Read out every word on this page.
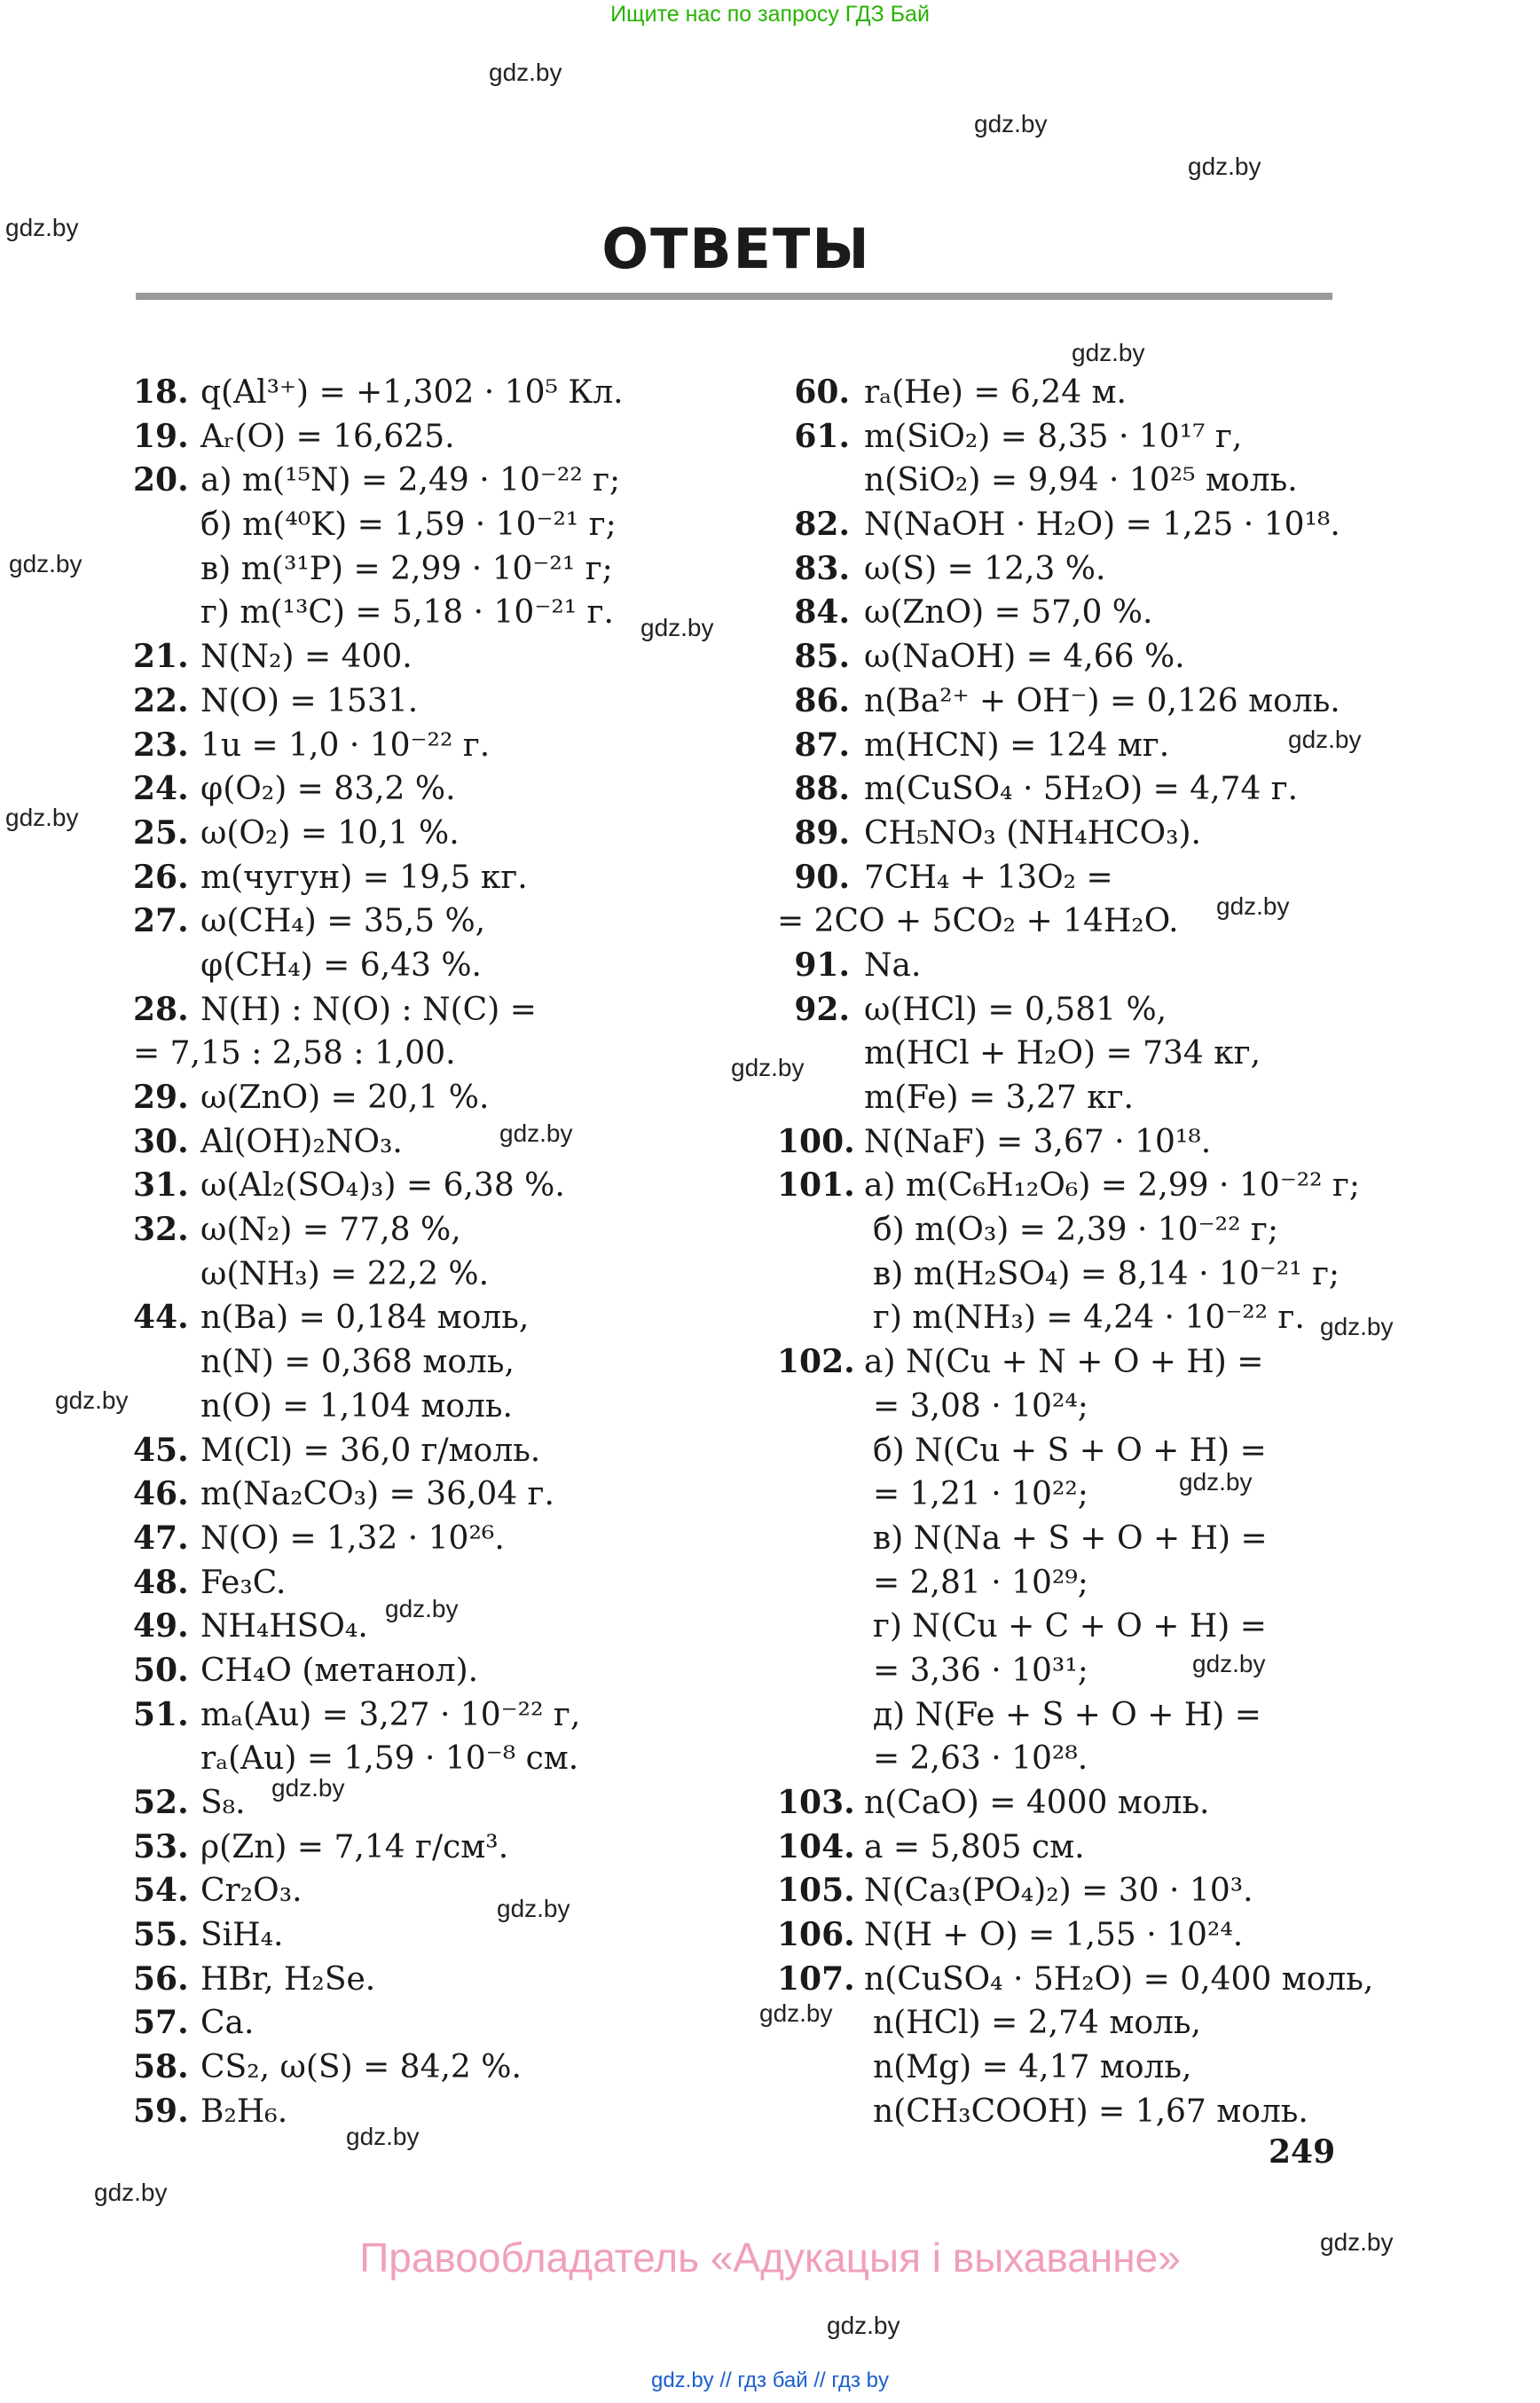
Ищите нас по запросу ГДЗ Бай
gdz.by
gdz.by
gdz.by
gdz.by
gdz.by
gdz.by
gdz.by
gdz.by
gdz.by
gdz.by
gdz.by
gdz.by
gdz.by
gdz.by
gdz.by
gdz.by
gdz.by
gdz.by
gdz.by
gdz.by
gdz.by
gdz.by
gdz.by
gdz.by
ОТВЕТЫ
18. q(Al³⁺) = +1,302 · 10⁵ Кл.
19. Aᵣ(O) = 16,625.
20. а) m(¹⁵N) = 2,49 · 10⁻²² г;
б) m(⁴⁰K) = 1,59 · 10⁻²¹ г;
в) m(³¹P) = 2,99 · 10⁻²¹ г;
г) m(¹³C) = 5,18 · 10⁻²¹ г.
21. N(N₂) = 400.
22. N(O) = 1531.
23. 1u = 1,0 · 10⁻²² г.
24. φ(O₂) = 83,2 %.
25. ω(O₂) = 10,1 %.
26. m(чугун) = 19,5 кг.
27. ω(CH₄) = 35,5 %,
φ(CH₄) = 6,43 %.
28. N(H) : N(O) : N(C) =
= 7,15 : 2,58 : 1,00.
29. ω(ZnO) = 20,1 %.
30. Al(OH)₂NO₃.
31. ω(Al₂(SO₄)₃) = 6,38 %.
32. ω(N₂) = 77,8 %,
ω(NH₃) = 22,2 %.
44. n(Ba) = 0,184 моль,
n(N) = 0,368 моль,
n(O) = 1,104 моль.
45. M(Cl) = 36,0 г/моль.
46. m(Na₂CO₃) = 36,04 г.
47. N(O) = 1,32 · 10²⁶.
48. Fe₃C.
49. NH₄HSO₄.
50. CH₄O (метанол).
51. mₐ(Au) = 3,27 · 10⁻²² г,
rₐ(Au) = 1,59 · 10⁻⁸ см.
52. S₈.
53. ρ(Zn) = 7,14 г/см³.
54. Cr₂O₃.
55. SiH₄.
56. HBr, H₂Se.
57. Ca.
58. CS₂, ω(S) = 84,2 %.
59. B₂H₆.
60. rₐ(He) = 6,24 м.
61. m(SiO₂) = 8,35 · 10¹⁷ г,
n(SiO₂) = 9,94 · 10²⁵ моль.
82. N(NaOH · H₂O) = 1,25 · 10¹⁸.
83. ω(S) = 12,3 %.
84. ω(ZnO) = 57,0 %.
85. ω(NaOH) = 4,66 %.
86. n(Ba²⁺ + OH⁻) = 0,126 моль.
87. m(HCN) = 124 мг.
88. m(CuSO₄ · 5H₂O) = 4,74 г.
89. CH₅NO₃ (NH₄HCO₃).
90. 7CH₄ + 13O₂ =
= 2CO + 5CO₂ + 14H₂O.
91. Na.
92. ω(HCl) = 0,581 %,
m(HCl + H₂O) = 734 кг,
m(Fe) = 3,27 кг.
100. N(NaF) = 3,67 · 10¹⁸.
101. а) m(C₆H₁₂O₆) = 2,99 · 10⁻²² г;
б) m(O₃) = 2,39 · 10⁻²² г;
в) m(H₂SO₄) = 8,14 · 10⁻²¹ г;
г) m(NH₃) = 4,24 · 10⁻²² г.
102. а) N(Cu + N + O + H) =
= 3,08 · 10²⁴;
б) N(Cu + S + O + H) =
= 1,21 · 10²²;
в) N(Na + S + O + H) =
= 2,81 · 10²⁹;
г) N(Cu + C + O + H) =
= 3,36 · 10³¹;
д) N(Fe + S + O + H) =
= 2,63 · 10²⁸.
103. n(CaO) = 4000 моль.
104. a = 5,805 см.
105. N(Ca₃(PO₄)₂) = 30 · 10³.
106. N(H + O) = 1,55 · 10²⁴.
107. n(CuSO₄ · 5H₂O) = 0,400 моль,
n(HCl) = 2,74 моль,
n(Mg) = 4,17 моль,
n(CH₃COOH) = 1,67 моль.
249
Правообладатель «Адукацыя і выхаванне»
gdz.by // гдз бай // гдз by
